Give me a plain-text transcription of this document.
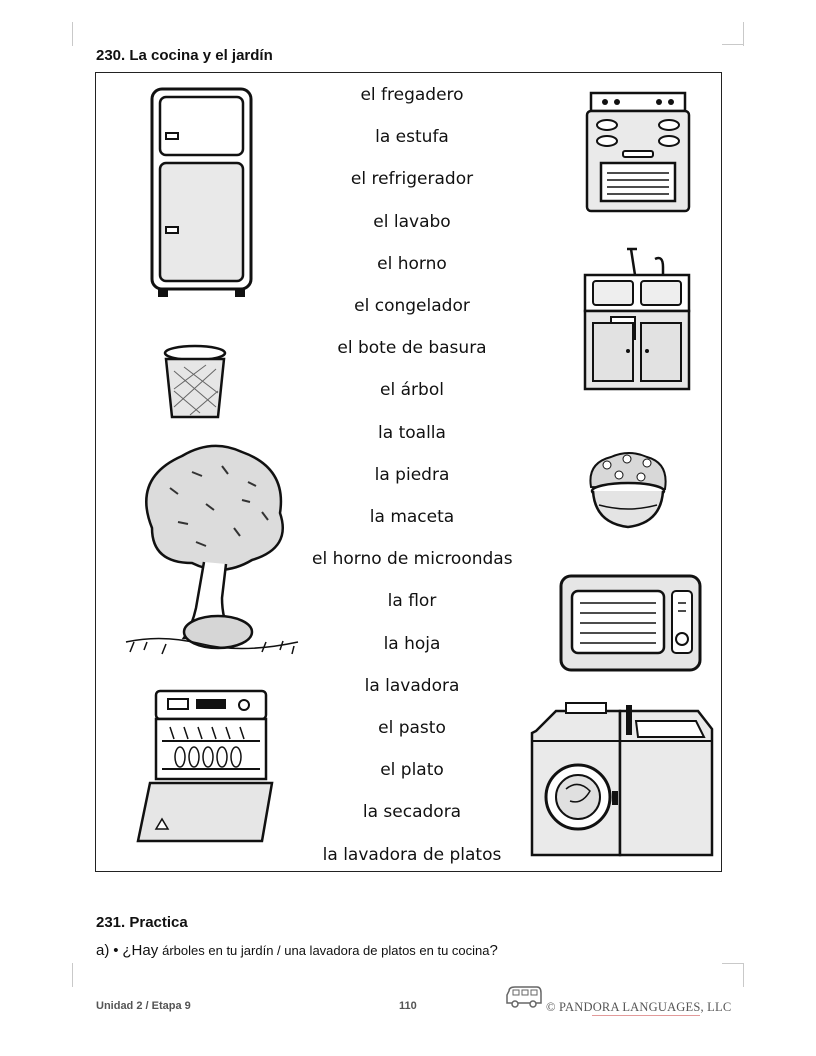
230. La cocina y el jardín
el fregadero
la estufa
el refrigerador
el lavabo
el horno
el congelador
el bote de basura
el árbol
la toalla
la piedra
la maceta
el horno de microondas
la flor
la hoja
la lavadora
el pasto
el plato
la secadora
la lavadora de platos
231. Practica
a) • ¿Hay árboles en tu jardín / una lavadora de platos en tu cocina?
Unidad 2 / Etapa 9	110	© PANDORA LANGUAGES, LLC
